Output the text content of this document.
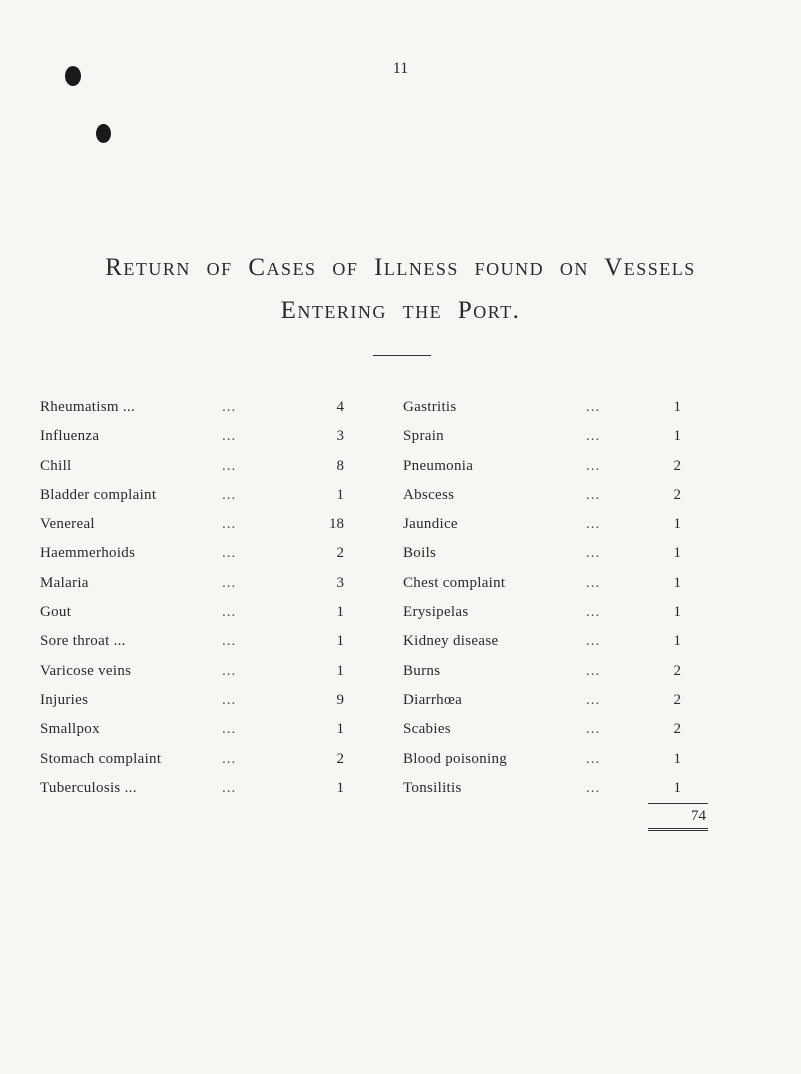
11
Return of Cases of Illness found on Vessels
Entering the Port.
Rheumatism ...	...	4
Influenza	...	3
Chill	...	8
Bladder complaint	...	1
Venereal	...	18
Haemmerhoids	...	2
Malaria	...	3
Gout	...	1
Sore throat ...	...	1
Varicose veins	...	1
Injuries	...	9
Smallpox	...	1
Stomach complaint	...	2
Tuberculosis ...	...	1
Gastritis	...	1
Sprain	...	1
Pneumonia	...	2
Abscess	...	2
Jaundice	...	1
Boils	...	1
Chest complaint	...	1
Erysipelas	...	1
Kidney disease	...	1
Burns	...	2
Diarrhœa	...	2
Scabies	...	2
Blood poisoning	...	1
Tonsilitis	...	1
74
